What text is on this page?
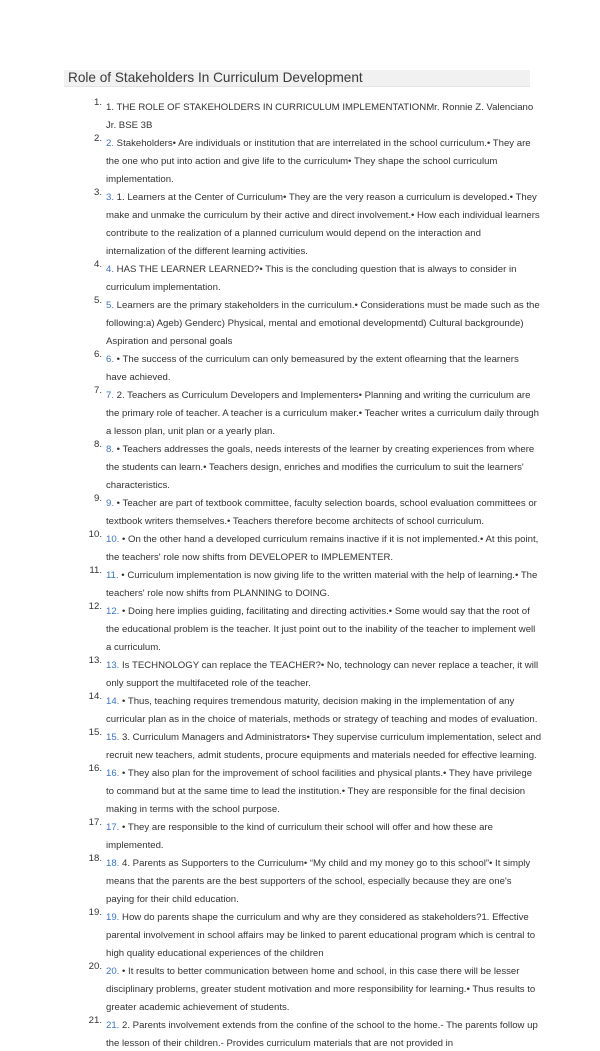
Role of Stakeholders In Curriculum Development
1. 1. THE ROLE OF STAKEHOLDERS IN CURRICULUM IMPLEMENTATIONMr. Ronnie Z. Valenciano Jr. BSE 3B
2. 2. Stakeholders• Are individuals or institution that are interrelated in the school curriculum.• They are the one who put into action and give life to the curriculum• They shape the school curriculum implementation.
3. 3. 1. Learners at the Center of Curriculum• They are the very reason a curriculum is developed.• They make and unmake the curriculum by their active and direct involvement.• How each individual learners contribute to the realization of a planned curriculum would depend on the interaction and internalization of the different learning activities.
4. 4. HAS THE LEARNER LEARNED?• This is the concluding question that is always to consider in curriculum implementation.
5. 5. Learners are the primary stakeholders in the curriculum.• Considerations must be made such as the following:a) Ageb) Genderc) Physical, mental and emotional developmentd) Cultural backgrounde) Aspiration and personal goals
6. 6. • The success of the curriculum can only bemeasured by the extent oflearning that the learners have achieved.
7. 7. 2. Teachers as Curriculum Developers and Implementers• Planning and writing the curriculum are the primary role of teacher. A teacher is a curriculum maker.• Teacher writes a curriculum daily through a lesson plan, unit plan or a yearly plan.
8. 8. • Teachers addresses the goals, needs interests of the learner by creating experiences from where the students can learn.• Teachers design, enriches and modifies the curriculum to suit the learners' characteristics.
9. 9. • Teacher are part of textbook committee, faculty selection boards, school evaluation committees or textbook writers themselves.• Teachers therefore become architects of school curriculum.
10. 10. • On the other hand a developed curriculum remains inactive if it is not implemented.• At this point, the teachers' role now shifts from DEVELOPER to IMPLEMENTER.
11. 11. • Curriculum implementation is now giving life to the written material with the help of learning.• The teachers' role now shifts from PLANNING to DOING.
12. 12. • Doing here implies guiding, facilitating and directing activities.• Some would say that the root of the educational problem is the teacher. It just point out to the inability of the teacher to implement well a curriculum.
13. 13. Is TECHNOLOGY can replace the TEACHER?• No, technology can never replace a teacher, it will only support the multifaceted role of the teacher.
14. 14. • Thus, teaching requires tremendous maturity, decision making in the implementation of any curricular plan as in the choice of materials, methods or strategy of teaching and modes of evaluation.
15. 15. 3. Curriculum Managers and Administrators• They supervise curriculum implementation, select and recruit new teachers, admit students, procure equipments and materials needed for effective learning.
16. 16. • They also plan for the improvement of school facilities and physical plants.• They have privilege to command but at the same time to lead the institution.• They are responsible for the final decision making in terms with the school purpose.
17. 17. • They are responsible to the kind of curriculum their school will offer and how these are implemented.
18. 18. 4. Parents as Supporters to the Curriculum• “My child and my money go to this school”• It simply means that the parents are the best supporters of the school, especially because they are one's paying for their child education.
19. 19. How do parents shape the curriculum and why are they considered as stakeholders?1. Effective parental involvement in school affairs may be linked to parent educational program which is central to high quality educational experiences of the children
20. 20. • It results to better communication between home and school, in this case there will be lesser disciplinary problems, greater student motivation and more responsibility for learning.• Thus results to greater academic achievement of students.
21. 21. 2. Parents involvement extends from the confine of the school to the home.- The parents follow up the lesson of their children.- Provides curriculum materials that are not provided in
